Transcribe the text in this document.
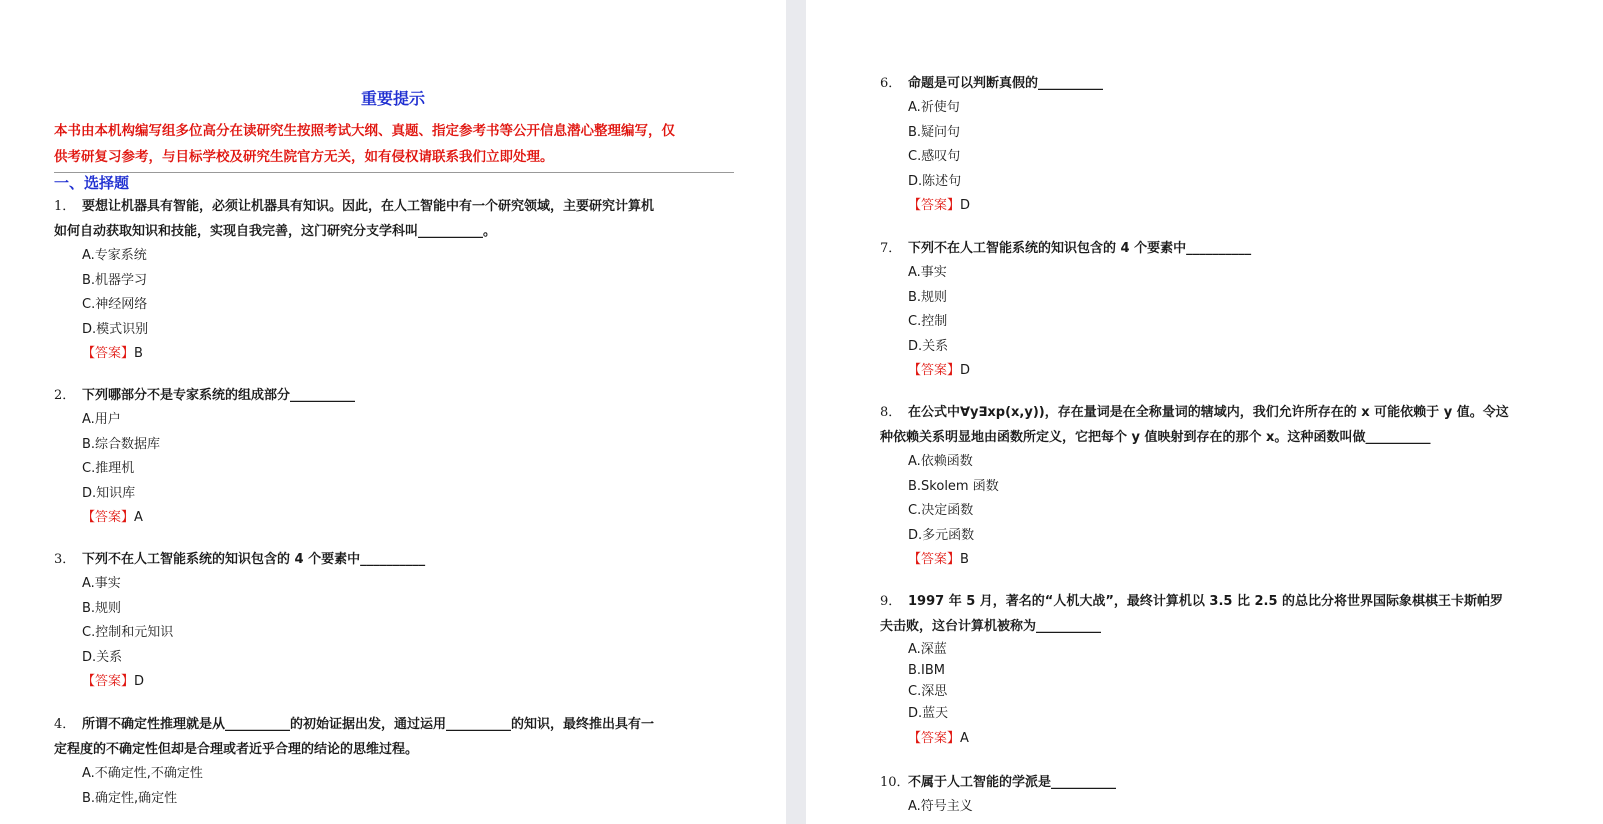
重要提示
本书由本机构编写组多位高分在读研究生按照考试大纲、真题、指定参考书等公开信息潜心整理编写，仅
供考研复习参考，与目标学校及研究生院官方无关，如有侵权请联系我们立即处理。
一、选择题
1． 要想让机器具有智能，必须让机器具有知识。因此，在人工智能中有一个研究领域，主要研究计算机
如何自动获取知识和技能，实现自我完善，这门研究分支学科叫__________。
A.专家系统
B.机器学习
C.神经网络
D.模式识别
【答案】B
2． 下列哪部分不是专家系统的组成部分__________
A.用户
B.综合数据库
C.推理机
D.知识库
【答案】A
3． 下列不在人工智能系统的知识包含的 4 个要素中__________
A.事实
B.规则
C.控制和元知识
D.关系
【答案】D
4． 所谓不确定性推理就是从__________的初始证据出发，通过运用__________的知识，最终推出具有一
定程度的不确定性但却是合理或者近乎合理的结论的思维过程。
A.不确定性,不确定性
B.确定性,确定性
6． 命题是可以判断真假的__________
A.祈使句
B.疑问句
C.感叹句
D.陈述句
【答案】D
7． 下列不在人工智能系统的知识包含的 4 个要素中__________
A.事实
B.规则
C.控制
D.关系
【答案】D
8． 在公式中∀y∃xp(x,y))，存在量词是在全称量词的辖域内，我们允许所存在的 x 可能依赖于 y 值。令这
种依赖关系明显地由函数所定义，它把每个 y 值映射到存在的那个 x。这种函数叫做__________
A.依赖函数
B.Skolem 函数
C.决定函数
D.多元函数
【答案】B
9． 1997 年 5 月，著名的“人机大战”，最终计算机以 3.5 比 2.5 的总比分将世界国际象棋棋王卡斯帕罗
夫击败，这台计算机被称为__________
A.深蓝
B.IBM
C.深思
D.蓝天
【答案】A
10．不属于人工智能的学派是__________
A.符号主义
